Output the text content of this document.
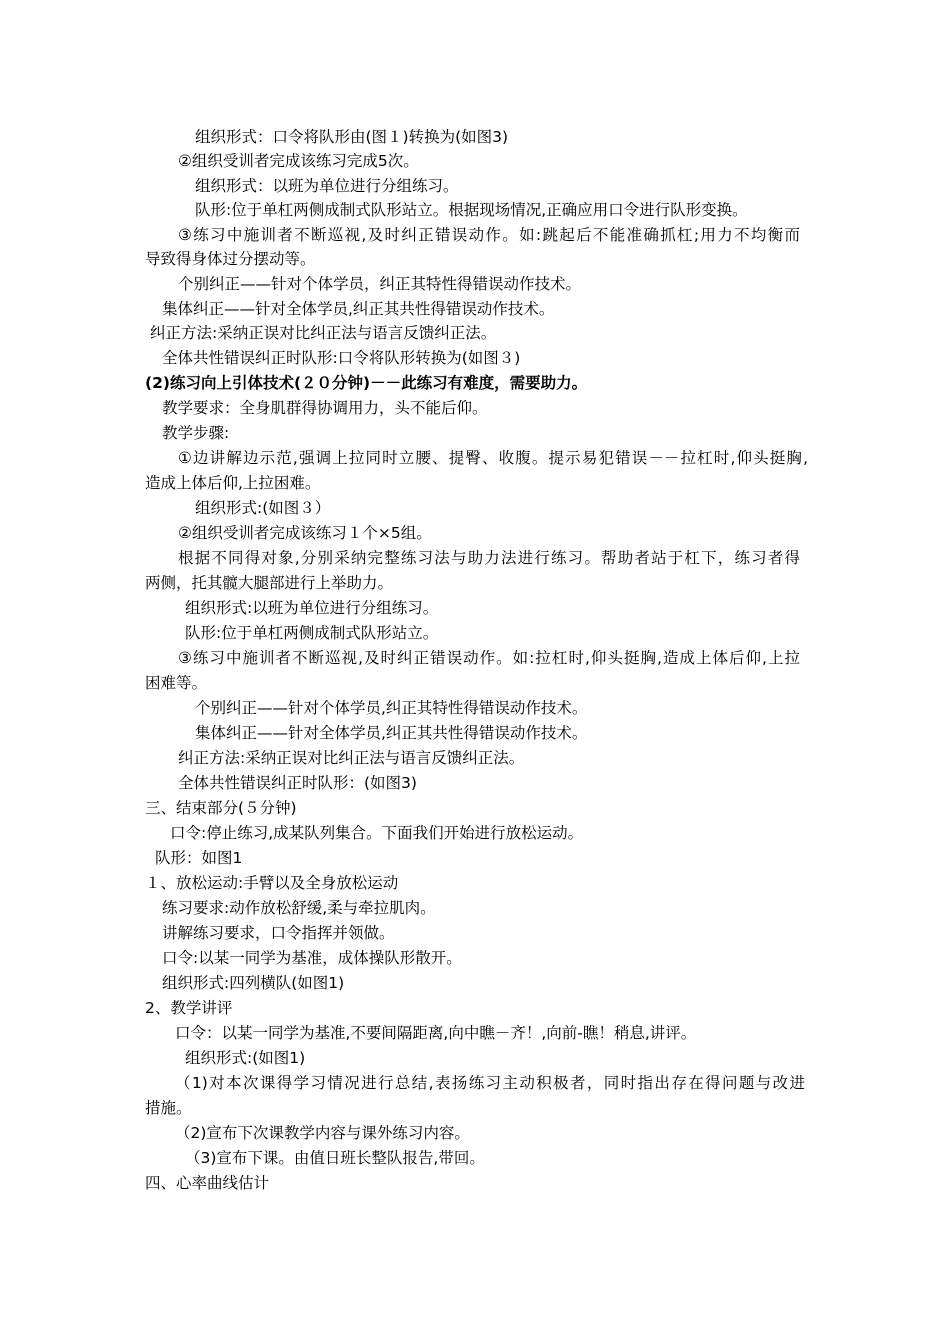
组织形式：口令将队形由(图１)转换为(如图3)
②组织受训者完成该练习完成5次。
组织形式：以班为单位进行分组练习。
队形:位于单杠两侧成制式队形站立。根据现场情况,正确应用口令进行队形变换。
③练习中施训者不断巡视,及时纠正错误动作。如:跳起后不能准确抓杠;用力不均衡而
导致得身体过分摆动等。
个别纠正——针对个体学员，纠正其特性得错误动作技术。
集体纠正——针对全体学员,纠正其共性得错误动作技术。
纠正方法:采纳正误对比纠正法与语言反馈纠正法。
全体共性错误纠正时队形:口令将队形转换为(如图３)
(2)练习向上引体技术(２０分钟)－－此练习有难度，需要助力。
教学要求：全身肌群得协调用力，头不能后仰。
教学步骤:
①边讲解边示范,强调上拉同时立腰、提臀、收腹。提示易犯错误－－拉杠时,仰头挺胸,
造成上体后仰,上拉困难。
组织形式:(如图３）
②组织受训者完成该练习１个×5组。
根据不同得对象,分别采纳完整练习法与助力法进行练习。帮助者站于杠下，练习者得
两侧，托其髋大腿部进行上举助力。
组织形式:以班为单位进行分组练习。
队形:位于单杠两侧成制式队形站立。
③练习中施训者不断巡视,及时纠正错误动作。如:拉杠时,仰头挺胸,造成上体后仰,上拉
困难等。
个别纠正——针对个体学员,纠正其特性得错误动作技术。
集体纠正——针对全体学员,纠正其共性得错误动作技术。
纠正方法:采纳正误对比纠正法与语言反馈纠正法。
全体共性错误纠正时队形：(如图3)
三、结束部分(５分钟)
口令:停止练习,成某队列集合。下面我们开始进行放松运动。
队形：如图1
１、放松运动:手臂以及全身放松运动
练习要求:动作放松舒缓,柔与牵拉肌肉。
讲解练习要求，口令指挥并领做。
口令:以某一同学为基准，成体操队形散开。
组织形式:四列横队(如图1)
2、教学讲评
口令：以某一同学为基准,不要间隔距离,向中瞧－齐！,向前-瞧！稍息,讲评。
组织形式:(如图1)
（1)对本次课得学习情况进行总结,表扬练习主动积极者，同时指出存在得问题与改进
措施。
（2)宣布下次课教学内容与课外练习内容。
（3)宣布下课。由值日班长整队报告,带回。
四、心率曲线估计
